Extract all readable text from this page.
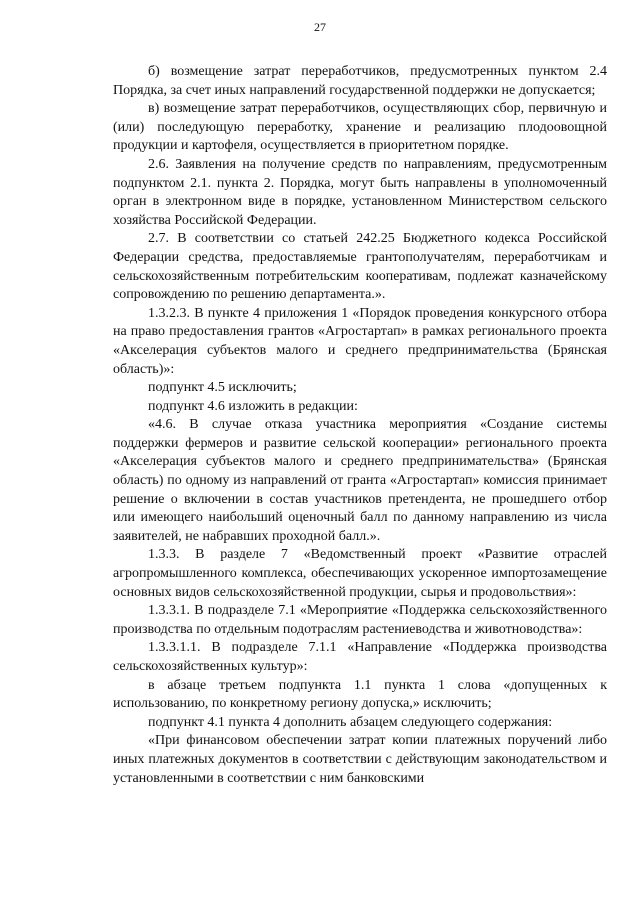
27

б) возмещение затрат переработчиков, предусмотренных пунктом 2.4 Порядка, за счет иных направлений государственной поддержки не допускается;

в) возмещение затрат переработчиков, осуществляющих сбор, первичную и (или) последующую переработку, хранение и реализацию плодоовощной продукции и картофеля, осуществляется в приоритетном порядке.

2.6. Заявления на получение средств по направлениям, предусмотренным подпунктом 2.1. пункта 2. Порядка, могут быть направлены в уполномоченный орган в электронном виде в порядке, установленном Министерством сельского хозяйства Российской Федерации.

2.7. В соответствии со статьей 242.25 Бюджетного кодекса Российской Федерации средства, предоставляемые грантополучателям, переработчикам и сельскохозяйственным потребительским кооперативам, подлежат казначейскому сопровождению по решению департамента.».

1.3.2.3. В пункте 4 приложения 1 «Порядок проведения конкурсного отбора на право предоставления грантов «Агростартап» в рамках регионального проекта «Акселерация субъектов малого и среднего предпринимательства (Брянская область)»:

подпункт 4.5 исключить;

подпункт 4.6 изложить в редакции:

«4.6. В случае отказа участника мероприятия «Создание системы поддержки фермеров и развитие сельской кооперации» регионального проекта «Акселерация субъектов малого и среднего предпринимательства» (Брянская область) по одному из направлений от гранта «Агростартап» комиссия принимает решение о включении в состав участников претендента, не прошедшего отбор или имеющего наибольший оценочный балл по данному направлению из числа заявителей, не набравших проходной балл.».

1.3.3. В разделе 7 «Ведомственный проект «Развитие отраслей агропромышленного комплекса, обеспечивающих ускоренное импортозамещение основных видов сельскохозяйственной продукции, сырья и продовольствия»:

1.3.3.1. В подразделе 7.1 «Мероприятие «Поддержка сельскохозяйственного производства по отдельным подотраслям растениеводства и животноводства»:

1.3.3.1.1. В подразделе 7.1.1 «Направление «Поддержка производства сельскохозяйственных культур»:

в абзаце третьем подпункта 1.1 пункта 1 слова «допущенных к использованию, по конкретному региону допуска,» исключить;

подпункт 4.1 пункта 4 дополнить абзацем следующего содержания:

«При финансовом обеспечении затрат копии платежных поручений либо иных платежных документов в соответствии с действующим законодательством и установленными в соответствии с ним банковскими
